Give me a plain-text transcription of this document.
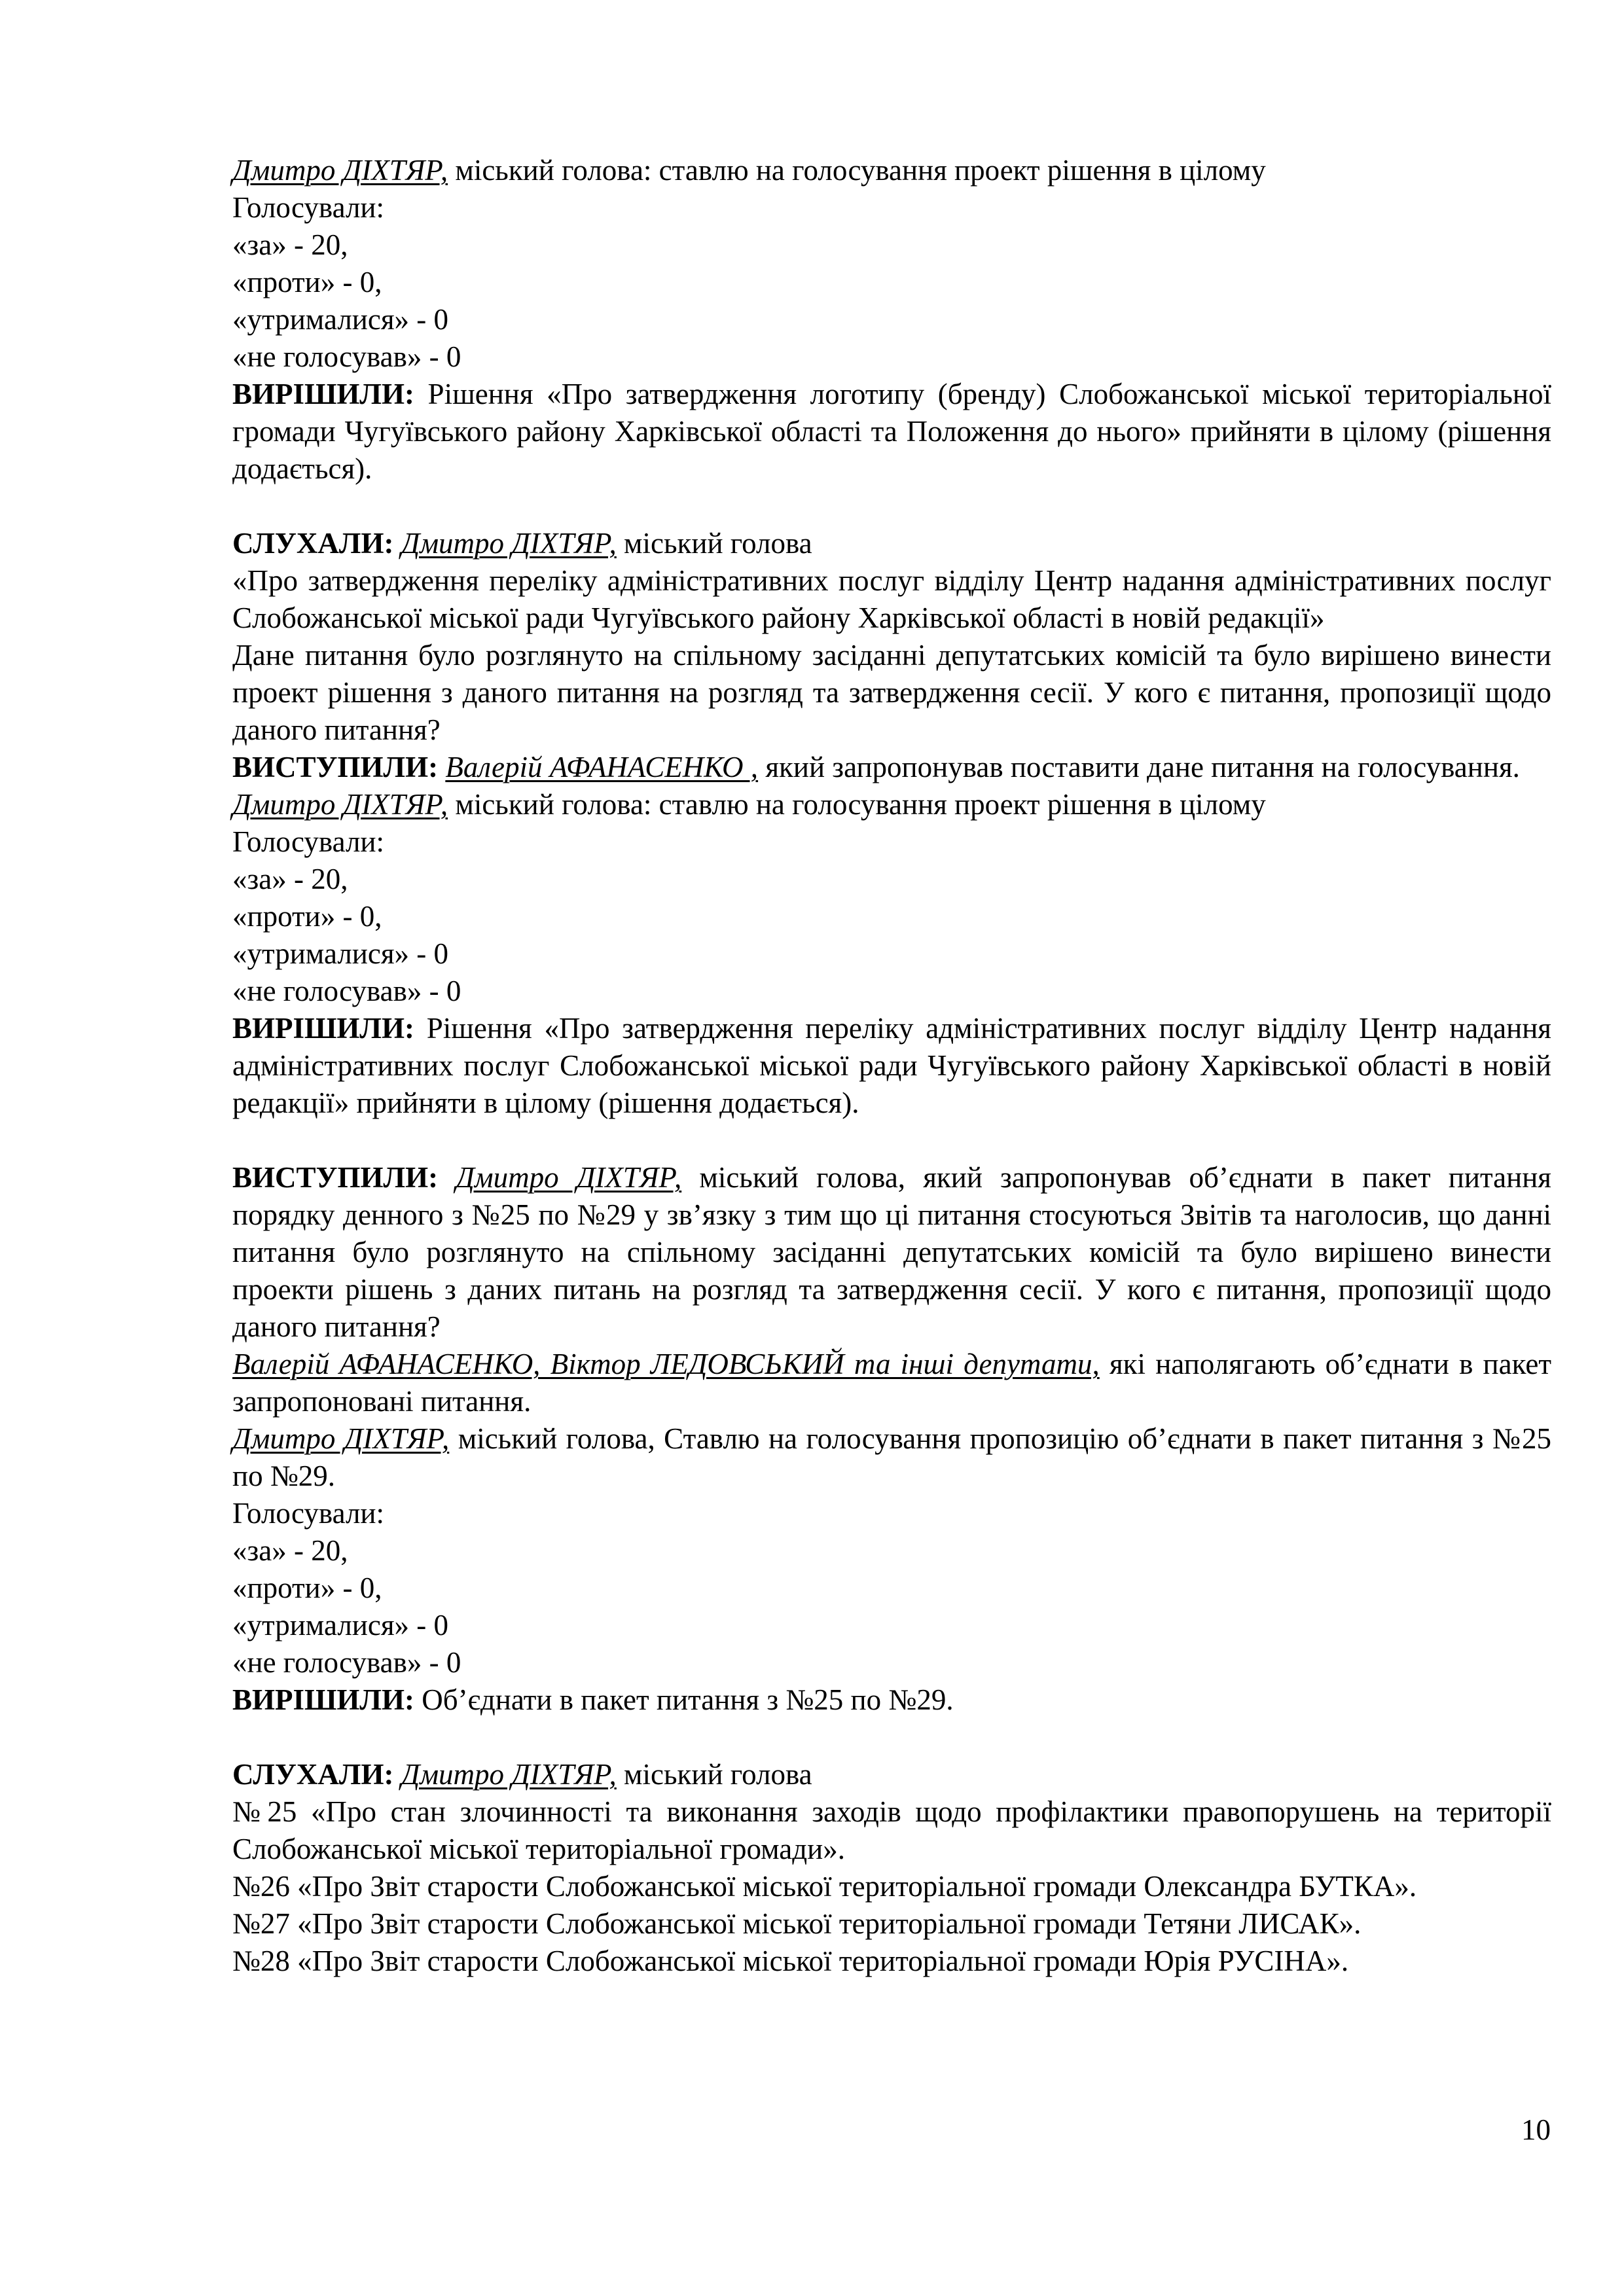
Дмитро ДІХТЯР, міський голова: ставлю на голосування проект рішення в цілому

Голосували:

«за» - 20,

«проти» - 0,

«утрималися» - 0

«не голосував» - 0

ВИРІШИЛИ: Рішення «Про затвердження логотипу (бренду) Слобожанської міської територіальної громади Чугуївського району Харківської області та Положення до нього» прийняти в цілому (рішення додається).

СЛУХАЛИ: Дмитро ДІХТЯР, міський голова

«Про затвердження переліку адміністративних послуг відділу Центр надання адміністративних послуг Слобожанської міської ради Чугуївського району Харківської області в новій редакції»

Дане питання було розглянуто на спільному засіданні депутатських комісій та було вирішено винести проект рішення з даного питання на розгляд та затвердження сесії. У кого є питання, пропозиції щодо даного питання?

ВИСТУПИЛИ: Валерій АФАНАСЕНКО , який запропонував поставити дане питання на голосування.

Дмитро ДІХТЯР, міський голова: ставлю на голосування проект рішення в цілому

Голосували:

«за» - 20,

«проти» - 0,

«утрималися» - 0

«не голосував» - 0

ВИРІШИЛИ: Рішення «Про затвердження переліку адміністративних послуг відділу Центр надання адміністративних послуг Слобожанської міської ради Чугуївського району Харківської області в новій редакції» прийняти в цілому (рішення додається).

ВИСТУПИЛИ: Дмитро ДІХТЯР, міський голова, який запропонував об’єднати в пакет питання порядку денного з №25 по №29 у зв’язку з тим що ці питання стосуються Звітів та наголосив, що данні питання було розглянуто на спільному засіданні депутатських комісій та було вирішено винести проекти рішень з даних питань на розгляд та затвердження сесії. У кого є питання, пропозиції щодо даного питання?

Валерій АФАНАСЕНКО, Віктор ЛЕДОВСЬКИЙ та інші депутати, які наполягають об’єднати в пакет запропоновані питання.

Дмитро ДІХТЯР, міський голова, Ставлю на голосування пропозицію об’єднати в пакет питання з №25 по №29.

Голосували:

«за» - 20,

«проти» - 0,

«утрималися» - 0

«не голосував» - 0

ВИРІШИЛИ: Об’єднати в пакет питання з №25 по №29.

СЛУХАЛИ: Дмитро ДІХТЯР, міський голова

№25 «Про стан злочинності та виконання заходів щодо профілактики правопорушень на території Слобожанської міської територіальної громади».

№26 «Про Звіт старости Слобожанської міської територіальної громади Олександра БУТКА».

№27 «Про Звіт старости Слобожанської міської територіальної громади Тетяни ЛИСАК».

№28 «Про Звіт старости Слобожанської міської територіальної громади Юрія РУСІНА».

10
